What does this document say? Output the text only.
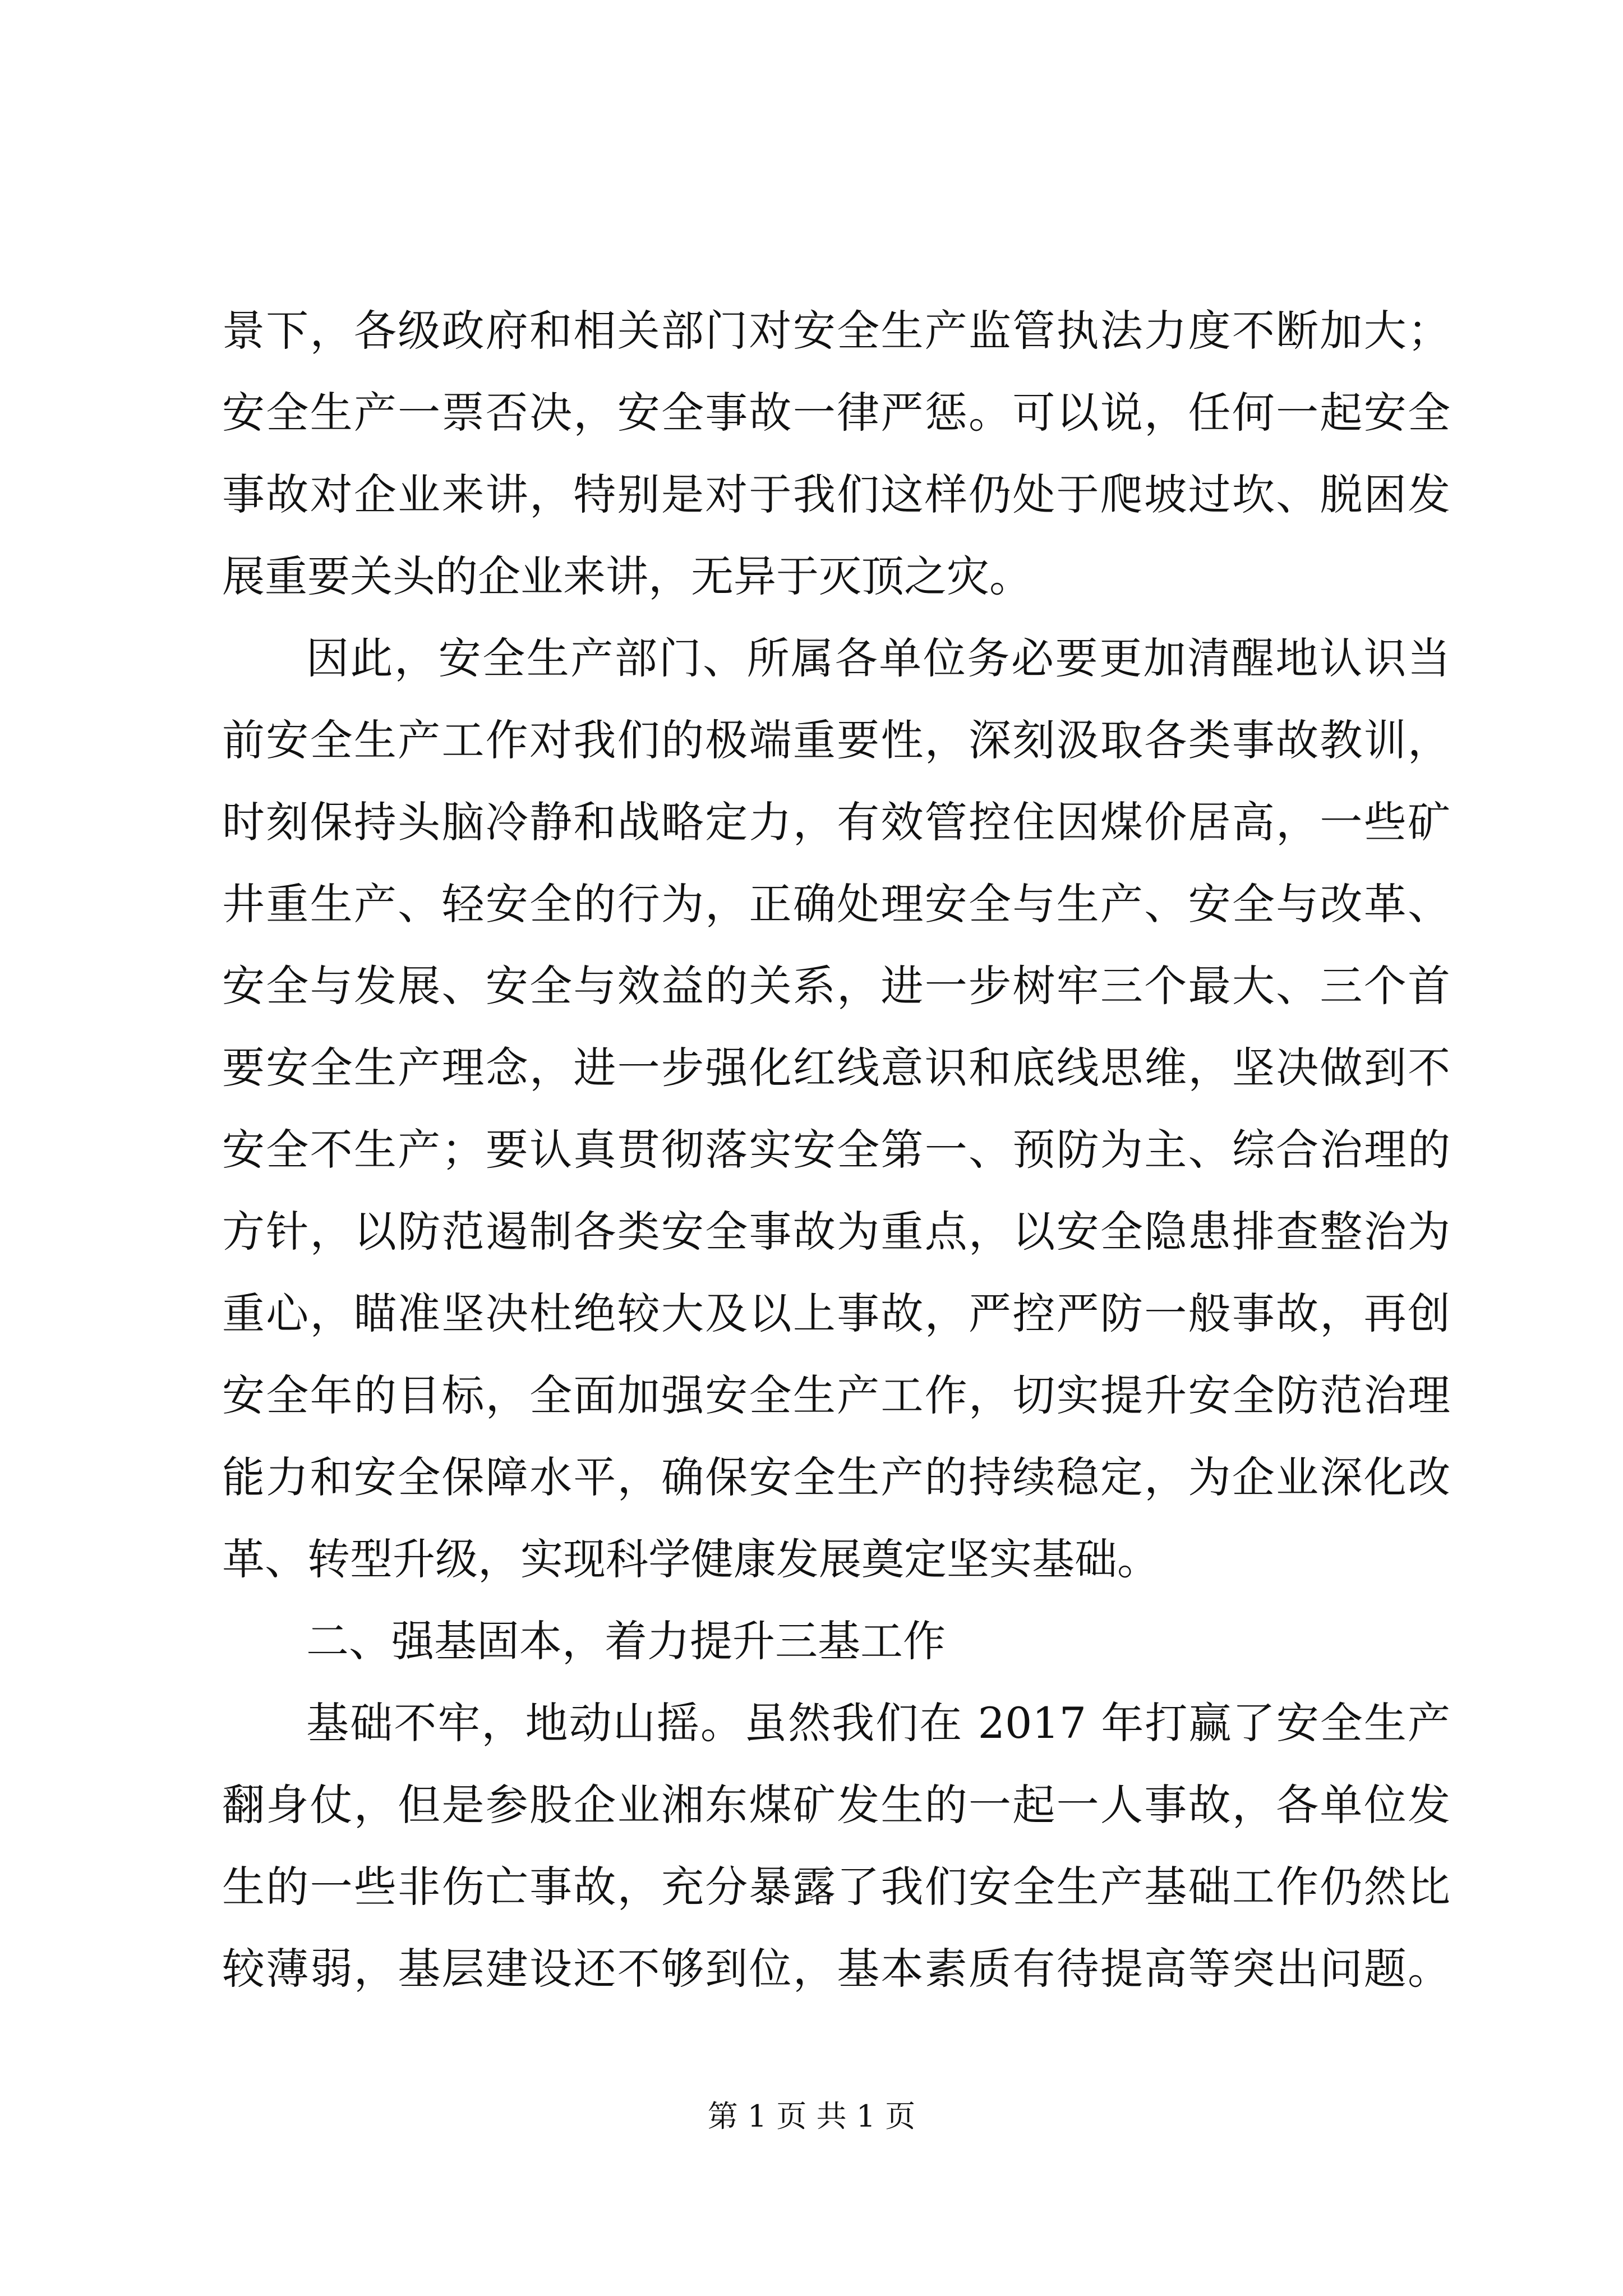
景下，各级政府和相关部门对安全生产监管执法力度不断加大；
安全生产一票否决，安全事故一律严惩。可以说，任何一起安全
事故对企业来讲，特别是对于我们这样仍处于爬坡过坎、脱困发
展重要关头的企业来讲，无异于灭顶之灾。
因此，安全生产部门、所属各单位务必要更加清醒地认识当
前安全生产工作对我们的极端重要性，深刻汲取各类事故教训，
时刻保持头脑冷静和战略定力，有效管控住因煤价居高，一些矿
井重生产、轻安全的行为，正确处理安全与生产、安全与改革、
安全与发展、安全与效益的关系，进一步树牢三个最大、三个首
要安全生产理念，进一步强化红线意识和底线思维，坚决做到不
安全不生产；要认真贯彻落实安全第一、预防为主、综合治理的
方针，以防范遏制各类安全事故为重点，以安全隐患排查整治为
重心，瞄准坚决杜绝较大及以上事故，严控严防一般事故，再创
安全年的目标，全面加强安全生产工作，切实提升安全防范治理
能力和安全保障水平，确保安全生产的持续稳定，为企业深化改
革、转型升级，实现科学健康发展奠定坚实基础。
二、强基固本，着力提升三基工作
基础不牢，地动山摇。虽然我们在 2017 年打赢了安全生产
翻身仗，但是参股企业湘东煤矿发生的一起一人事故，各单位发
生的一些非伤亡事故，充分暴露了我们安全生产基础工作仍然比
较薄弱，基层建设还不够到位，基本素质有待提高等突出问题。
第 1 页 共 1 页
